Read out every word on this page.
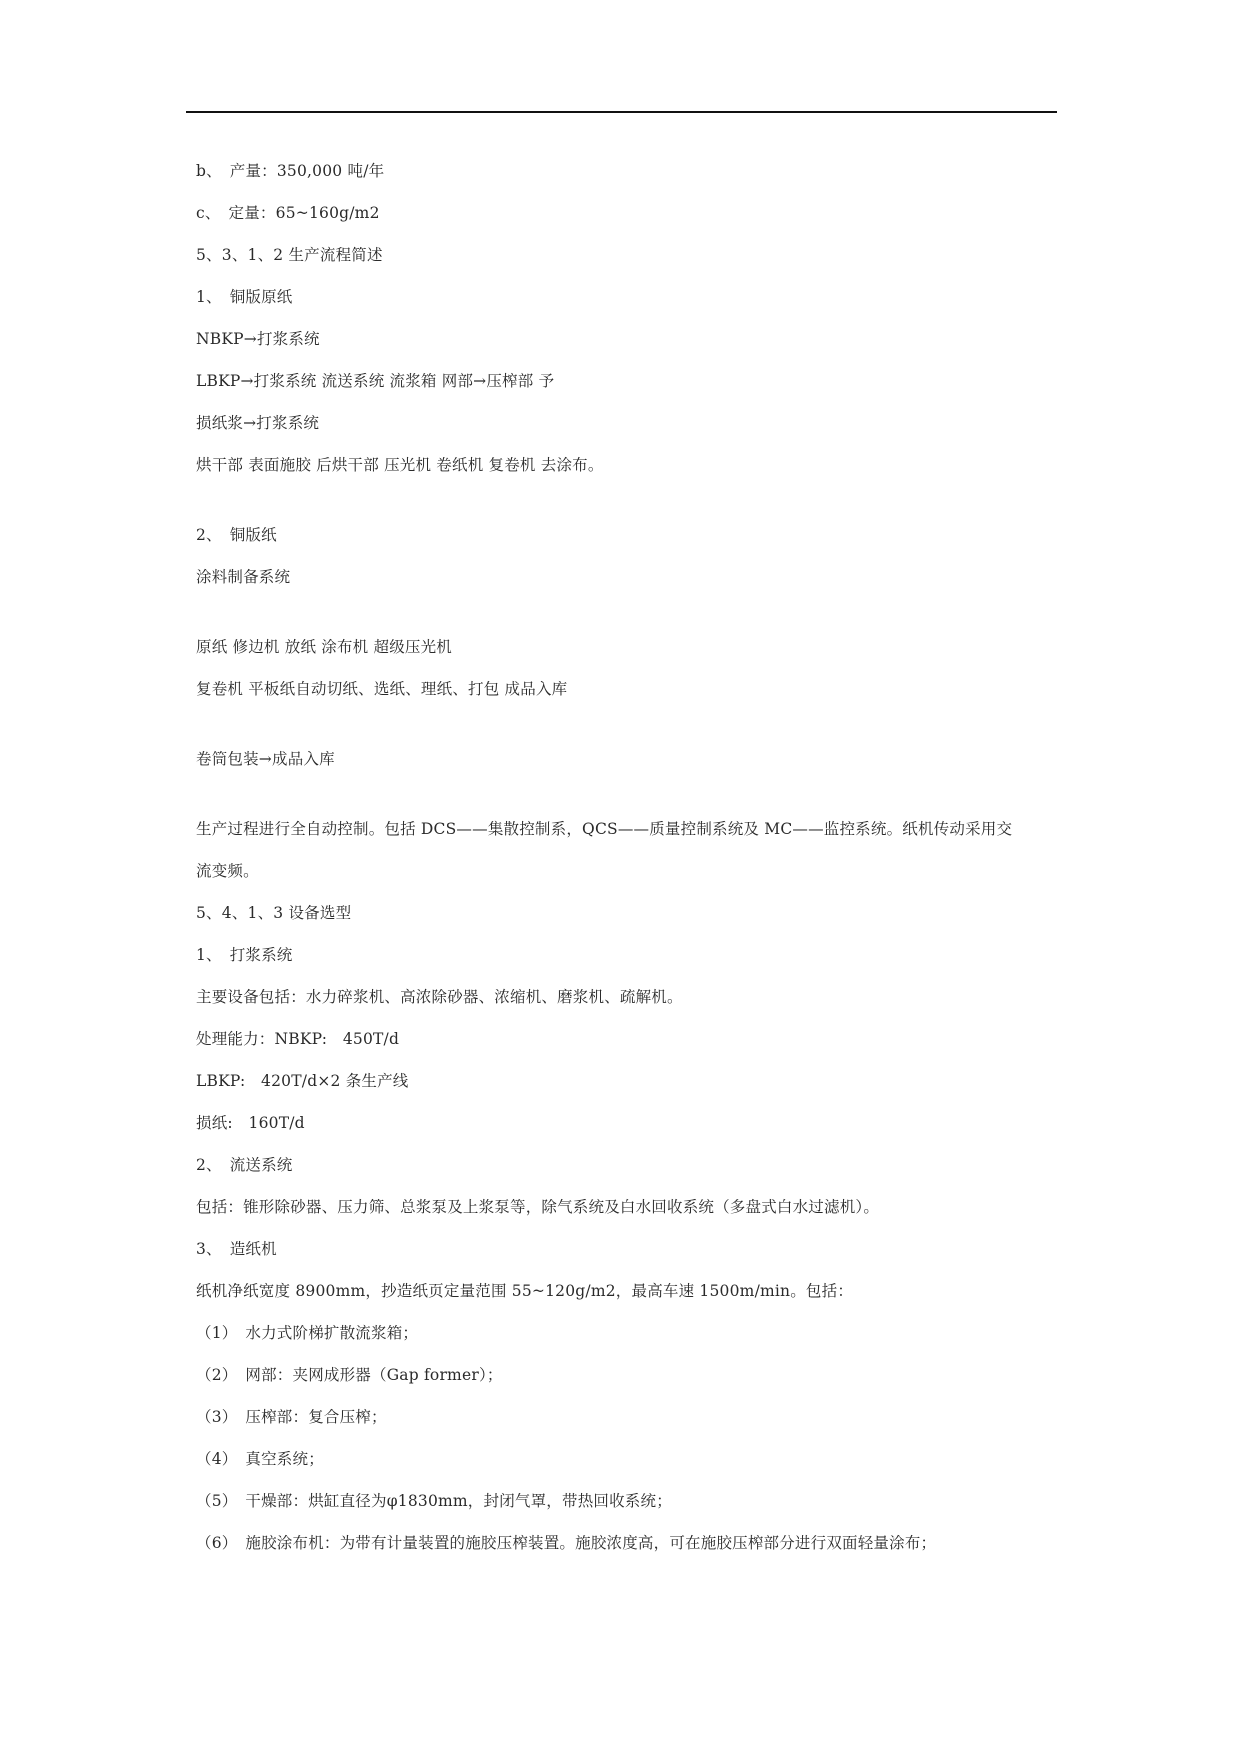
b、　产量：350,000 吨/年
c、　定量：65~160g/m2
5、3、1、2 生产流程简述
1、　铜版原纸
NBKP→打浆系统
LBKP→打浆系统 流送系统 流浆箱 网部→压榨部 予
损纸浆→打浆系统
烘干部 表面施胶 后烘干部 压光机 卷纸机 复卷机 去涂布。
2、　铜版纸
涂料制备系统
原纸 修边机 放纸 涂布机 超级压光机
复卷机 平板纸自动切纸、选纸、理纸、打包 成品入库
卷筒包装→成品入库
生产过程进行全自动控制。包括 DCS——集散控制系，QCS——质量控制系统及 MC——监控系统。纸机传动采用交
流变频。
5、4、1、3 设备选型
1、　打浆系统
主要设备包括：水力碎浆机、高浓除砂器、浓缩机、磨浆机、疏解机。
处理能力：NBKP:　450T/d
LBKP:　420T/d×2 条生产线
损纸:　160T/d
2、　流送系统
包括：锥形除砂器、压力筛、总浆泵及上浆泵等，除气系统及白水回收系统（多盘式白水过滤机）。
3、　造纸机
纸机净纸宽度 8900mm，抄造纸页定量范围 55~120g/m2，最高车速 1500m/min。包括：
（1）　水力式阶梯扩散流浆箱；
（2）　网部：夹网成形器（Gap former）；
（3）　压榨部：复合压榨；
（4）　真空系统；
（5）　干燥部：烘缸直径为φ1830mm，封闭气罩，带热回收系统；
（6）　施胶涂布机：为带有计量装置的施胶压榨装置。施胶浓度高，可在施胶压榨部分进行双面轻量涂布；
